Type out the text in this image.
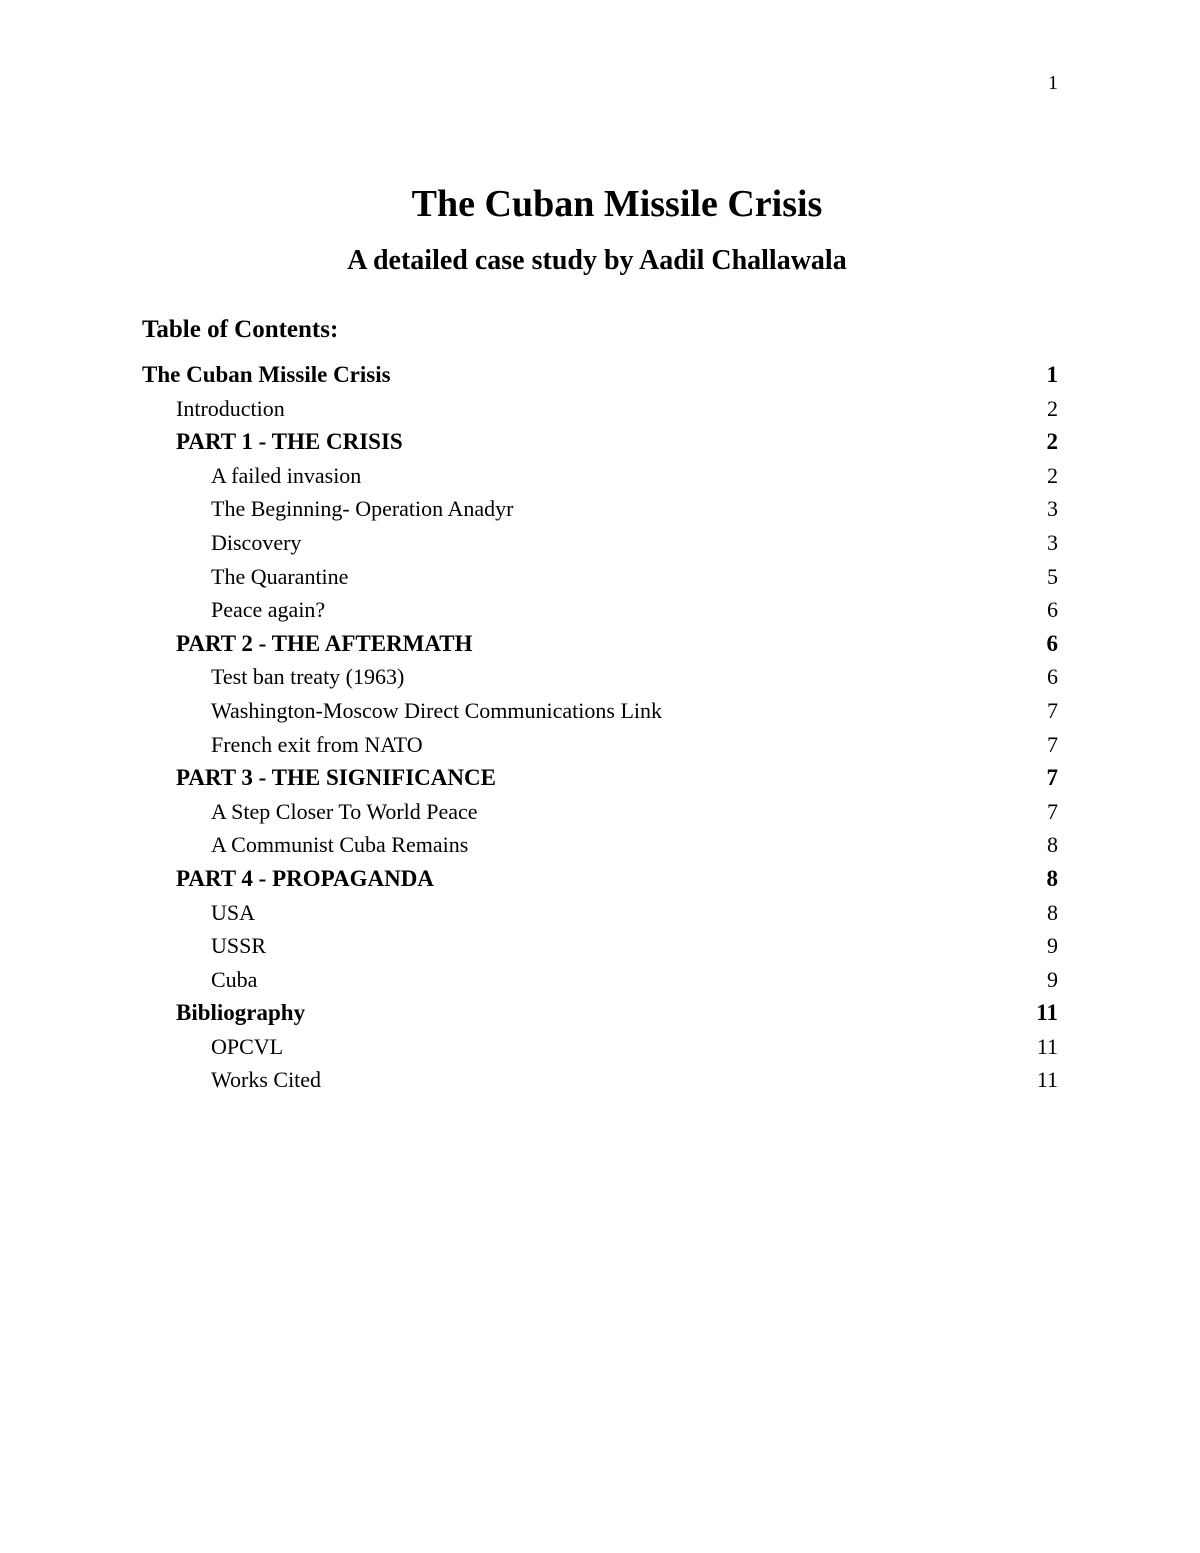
1
The Cuban Missile Crisis
A detailed case study by Aadil Challawala
Table of Contents:
The Cuban Missile Crisis	1
Introduction	2
PART 1 - THE CRISIS	2
A failed invasion	2
The Beginning- Operation Anadyr	3
Discovery	3
The Quarantine	5
Peace again?	6
PART 2 - THE AFTERMATH	6
Test ban treaty (1963)	6
Washington-Moscow Direct Communications Link	7
French exit from NATO	7
PART 3 - THE SIGNIFICANCE	7
A Step Closer To World Peace	7
A Communist Cuba Remains	8
PART 4 - PROPAGANDA	8
USA	8
USSR	9
Cuba	9
Bibliography	11
OPCVL	11
Works Cited	11
